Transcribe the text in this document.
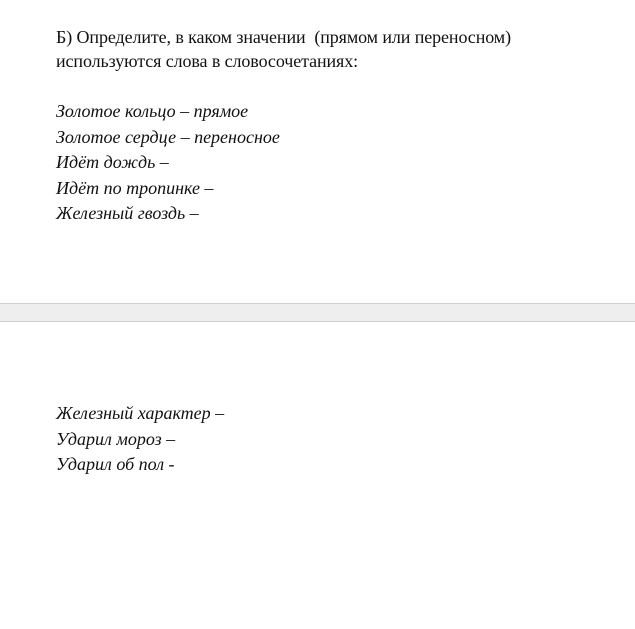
Б) Определите, в каком значении  (прямом или переносном)
используются слова в словосочетаниях:
Золотое кольцо – прямое
Золотое сердце – переносное
Идёт дождь –
Идёт по тропинке –
Железный гвоздь –
Железный характер –
Ударил мороз –
Ударил об пол -
